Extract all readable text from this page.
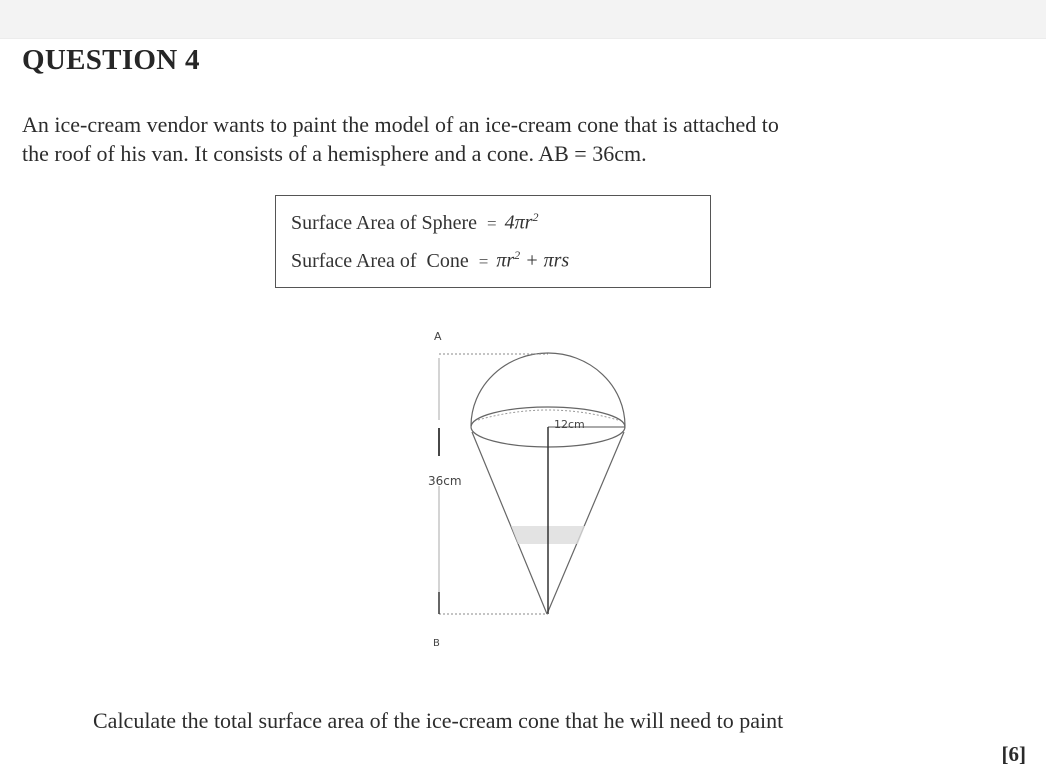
QUESTION 4
An ice-cream vendor wants to paint the model of an ice-cream cone that is attached to
the roof of his van. It consists of a hemisphere and a cone. AB = 36cm.
Surface Area of Sphere = $4\pi r^2$
Surface Area of  Cone = $\pi r^2 + \pi rs$
A
B
36cm
12cm
Calculate the total surface area of the ice-cream cone that he will need to paint
[6]
